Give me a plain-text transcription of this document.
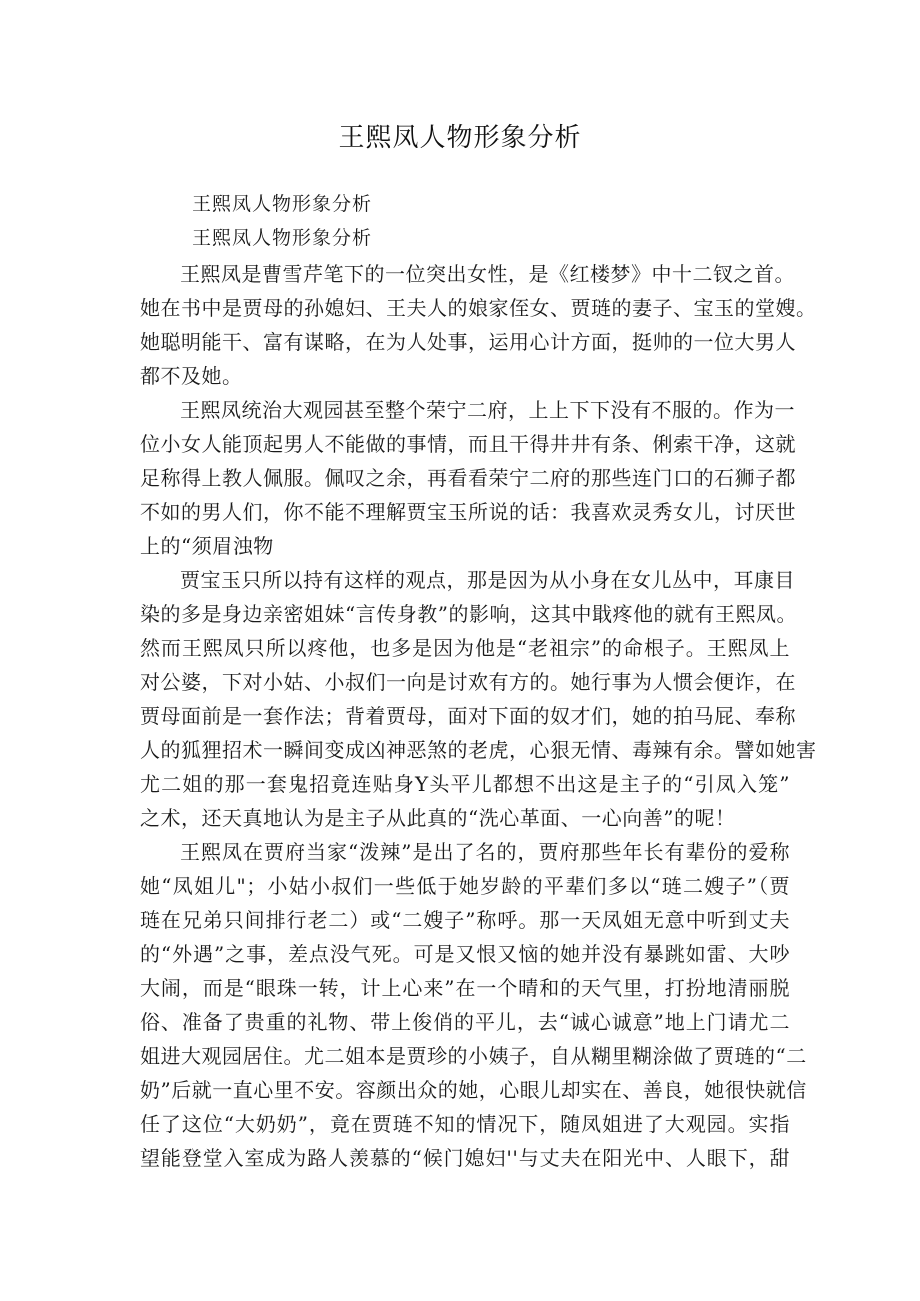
王熙凤人物形象分析
王熙凤人物形象分析
王熙凤人物形象分析
王熙凤是曹雪芹笔下的一位突出女性，是《红楼梦》中十二钗之首。
她在书中是贾母的孙媳妇、王夫人的娘家侄女、贾琏的妻子、宝玉的堂嫂。
她聪明能干、富有谋略，在为人处事，运用心计方面，挺帅的一位大男人
都不及她。
王熙凤统治大观园甚至整个荣宁二府，上上下下没有不服的。作为一
位小女人能顶起男人不能做的事情，而且干得井井有条、俐索干净，这就
足称得上教人佩服。佩叹之余，再看看荣宁二府的那些连门口的石狮子都
不如的男人们，你不能不理解贾宝玉所说的话：我喜欢灵秀女儿，讨厌世
上的“须眉浊物
贾宝玉只所以持有这样的观点，那是因为从小身在女儿丛中，耳康目
染的多是身边亲密姐妹“言传身教”的影响，这其中戢疼他的就有王熙凤。
然而王熙凤只所以疼他，也多是因为他是“老祖宗”的命根子。王熙凤上
对公婆，下对小姑、小叔们一向是讨欢有方的。她行事为人惯会便诈，在
贾母面前是一套作法；背着贾母，面对下面的奴才们，她的拍马屁、奉称
人的狐狸招术一瞬间变成凶神恶煞的老虎，心狠无情、毒辣有余。譬如她害
尤二姐的那一套鬼招竟连贴身Y头平儿都想不出这是主子的“引凤入笼”
之术，还天真地认为是主子从此真的“洗心革面、一心向善”的呢！
王熙凤在贾府当家“泼辣”是出了名的，贾府那些年长有辈份的爱称
她“凤姐儿"；小姑小叔们一些低于她岁龄的平辈们多以“琏二嫂子”（贾
琏在兄弟只间排行老二）或“二嫂子”称呼。那一天凤姐无意中听到丈夫
的“外遇”之事，差点没气死。可是又恨又恼的她并没有暴跳如雷、大吵
大闹，而是“眼珠一转，计上心来”在一个晴和的天气里，打扮地清丽脱
俗、准备了贵重的礼物、带上俊俏的平儿，去“诚心诚意”地上门请尤二
姐进大观园居住。尤二姐本是贾珍的小姨子，自从糊里糊涂做了贾琏的“二
奶”后就一直心里不安。容颜出众的她，心眼儿却实在、善良，她很快就信
任了这位“大奶奶”，竟在贾琏不知的情况下，随凤姐进了大观园。实指
望能登堂入室成为路人羡慕的“候门媳妇''与丈夫在阳光中、人眼下，甜
